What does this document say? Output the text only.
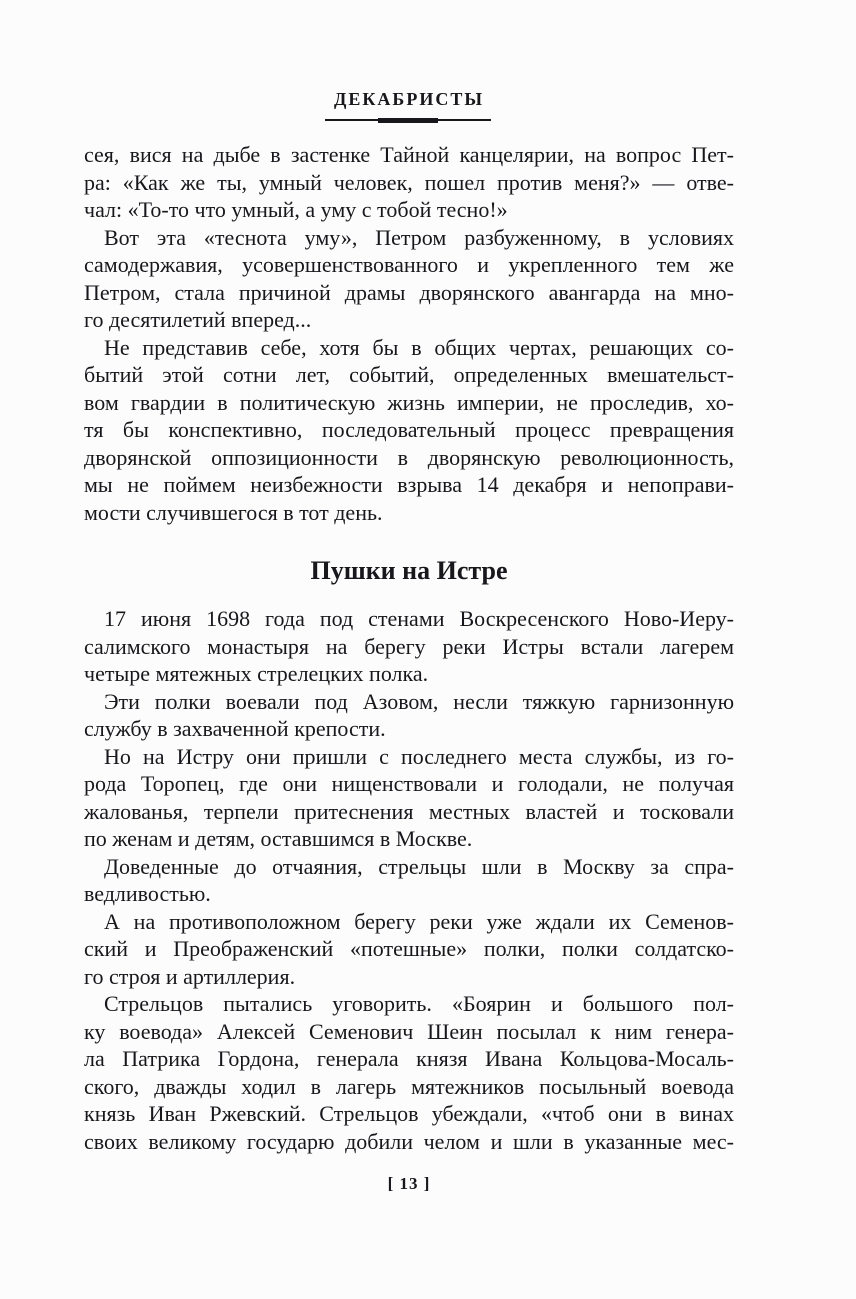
ДЕКАБРИСТЫ
сея, вися на дыбе в застенке Тайной канцелярии, на вопрос Пет-
ра: «Как же ты, умный человек, пошел против меня?» — отве-
чал: «То-то что умный, а уму с тобой тесно!»
Вот эта «теснота уму», Петром разбуженному, в условиях
самодержавия, усовершенствованного и укрепленного тем же
Петром, стала причиной драмы дворянского авангарда на мно-
го десятилетий вперед...
Не представив себе, хотя бы в общих чертах, решающих со-
бытий этой сотни лет, событий, определенных вмешательст-
вом гвардии в политическую жизнь империи, не проследив, хо-
тя бы конспективно, последовательный процесс превращения
дворянской оппозиционности в дворянскую революционность,
мы не поймем неизбежности взрыва 14 декабря и непоправи-
мости случившегося в тот день.
Пушки на Истре
17 июня 1698 года под стенами Воскресенского Ново-Иеру-
салимского монастыря на берегу реки Истры встали лагерем
четыре мятежных стрелецких полка.
Эти полки воевали под Азовом, несли тяжкую гарнизонную
службу в захваченной крепости.
Но на Истру они пришли с последнего места службы, из го-
рода Торопец, где они нищенствовали и голодали, не получая
жалованья, терпели притеснения местных властей и тосковали
по женам и детям, оставшимся в Москве.
Доведенные до отчаяния, стрельцы шли в Москву за спра-
ведливостью.
А на противоположном берегу реки уже ждали их Семенов-
ский и Преображенский «потешные» полки, полки солдатско-
го строя и артиллерия.
Стрельцов пытались уговорить. «Боярин и большого пол-
ку воевода» Алексей Семенович Шеин посылал к ним генера-
ла Патрика Гордона, генерала князя Ивана Кольцова-Мосаль-
ского, дважды ходил в лагерь мятежников посыльный воевода
князь Иван Ржевский. Стрельцов убеждали, «чтоб они в винах
своих великому государю добили челом и шли в указанные мес-
[ 13 ]
